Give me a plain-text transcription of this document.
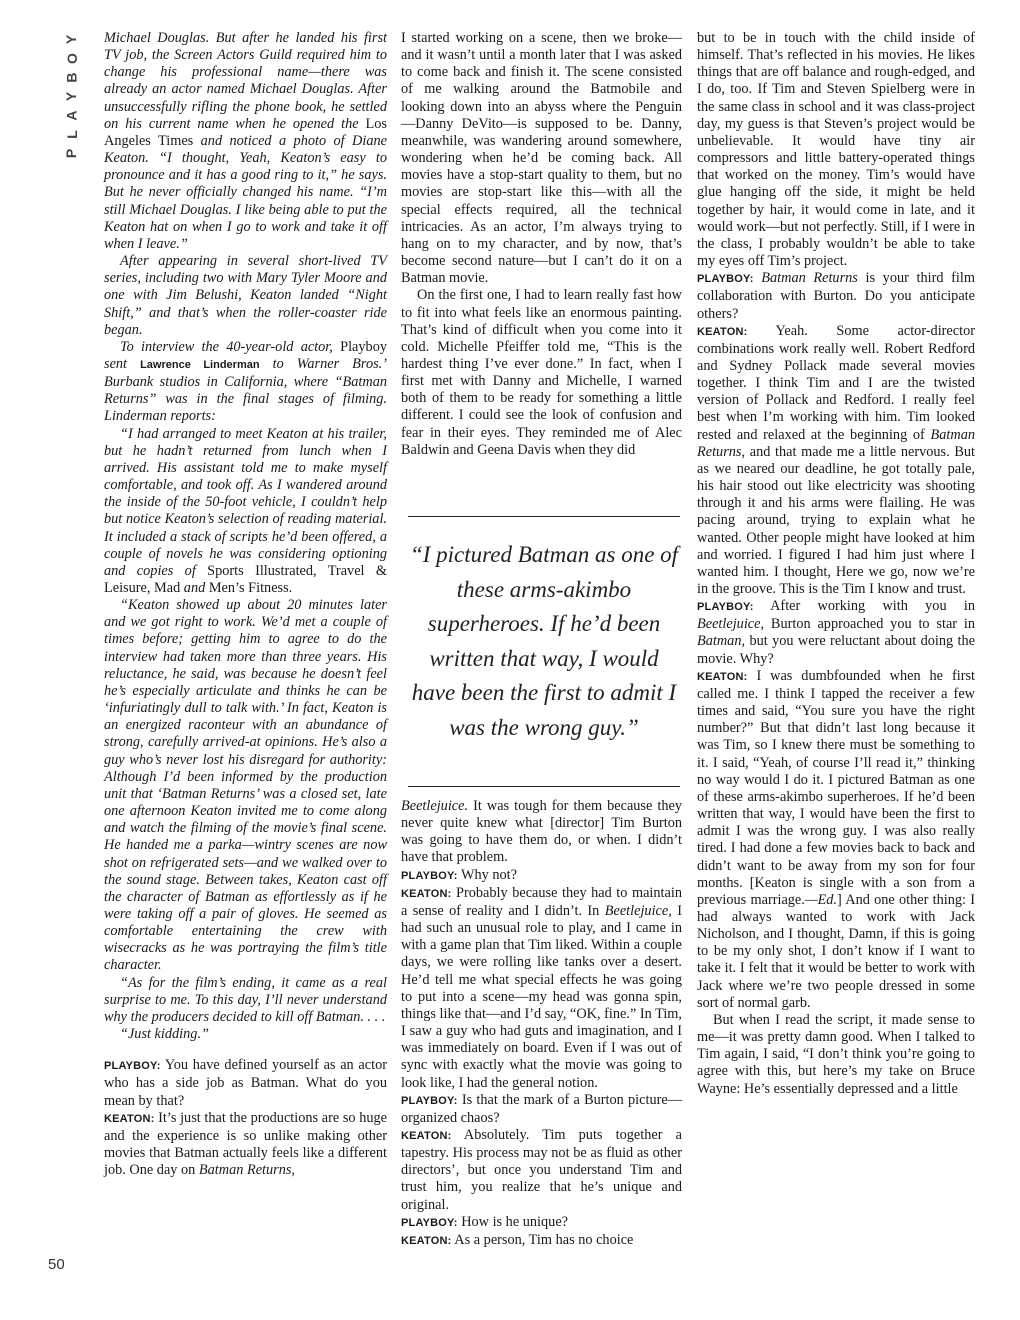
Y
O
B
Y
A
L
P
50

Michael Douglas. But after he landed his first TV job, the Screen Actors Guild required him to change his professional name—there was already an actor named Michael Douglas. After unsuccessfully rifling the phone book, he settled on his current name when he opened the Los Angeles Times and noticed a photo of Diane Keaton. “I thought, Yeah, Keaton’s easy to pronounce and it has a good ring to it,” he says. But he never officially changed his name. “I’m still Michael Douglas. I like being able to put the Keaton hat on when I go to work and take it off when I leave.”

After appearing in several short-lived TV series, including two with Mary Tyler Moore and one with Jim Belushi, Keaton landed “Night Shift,” and that’s when the roller-coaster ride began.

To interview the 40-year-old actor, Playboy sent Lawrence Linderman to Warner Bros.’ Burbank studios in California, where “Batman Returns” was in the final stages of filming. Linderman reports:

“I had arranged to meet Keaton at his trailer, but he hadn’t returned from lunch when I arrived. His assistant told me to make myself comfortable, and took off. As I wandered around the inside of the 50-foot vehicle, I couldn’t help but notice Keaton’s selection of reading material. It included a stack of scripts he’d been offered, a couple of novels he was considering optioning and copies of Sports Illustrated, Travel & Leisure, Mad and Men’s Fitness.

“Keaton showed up about 20 minutes later and we got right to work. We’d met a couple of times before; getting him to agree to do the interview had taken more than three years. His reluctance, he said, was because he doesn’t feel he’s especially articulate and thinks he can be ‘infuriatingly dull to talk with.’ In fact, Keaton is an energized raconteur with an abundance of strong, carefully arrived-at opinions. He’s also a guy who’s never lost his disregard for authority: Although I’d been informed by the production unit that ‘Batman Returns’ was a closed set, late one afternoon Keaton invited me to come along and watch the filming of the movie’s final scene. He handed me a parka—wintry scenes are now shot on refrigerated sets—and we walked over to the sound stage. Between takes, Keaton cast off the character of Batman as effortlessly as if he were taking off a pair of gloves. He seemed as comfortable entertaining the crew with wisecracks as he was portraying the film’s title character.

“As for the film’s ending, it came as a real surprise to me. To this day, I’ll never understand why the producers decided to kill off Batman. . . .

“Just kidding.”

PLAYBOY: You have defined yourself as an actor who has a side job as Batman. What do you mean by that?

KEATON: It’s just that the productions are so huge and the experience is so unlike making other movies that Batman actually feels like a different job. One day on Batman Returns,

I started working on a scene, then we broke—and it wasn’t until a month later that I was asked to come back and finish it. The scene consisted of me walking around the Batmobile and looking down into an abyss where the Penguin—Danny DeVito—is supposed to be. Danny, meanwhile, was wandering around somewhere, wondering when he’d be coming back. All movies have a stop-start quality to them, but no movies are stop-start like this—with all the special effects required, all the technical intricacies. As an actor, I’m always trying to hang on to my character, and by now, that’s become second nature—but I can’t do it on a Batman movie.

On the first one, I had to learn really fast how to fit into what feels like an enormous painting. That’s kind of difficult when you come into it cold. Michelle Pfeiffer told me, “This is the hardest thing I’ve ever done.” In fact, when I first met with Danny and Michelle, I warned both of them to be ready for something a little different. I could see the look of confusion and fear in their eyes. They reminded me of Alec Baldwin and Geena Davis when they did

“I pictured Batman as one of these arms-akimbo superheroes. If he’d been written that way, I would have been the first to admit I was the wrong guy.”

Beetlejuice. It was tough for them because they never quite knew what [director] Tim Burton was going to have them do, or when. I didn’t have that problem.

PLAYBOY: Why not?

KEATON: Probably because they had to maintain a sense of reality and I didn’t. In Beetlejuice, I had such an unusual role to play, and I came in with a game plan that Tim liked. Within a couple days, we were rolling like tanks over a desert. He’d tell me what special effects he was going to put into a scene—my head was gonna spin, things like that—and I’d say, “OK, fine.” In Tim, I saw a guy who had guts and imagination, and I was immediately on board. Even if I was out of sync with exactly what the movie was going to look like, I had the general notion.

PLAYBOY: Is that the mark of a Burton picture—organized chaos?

KEATON: Absolutely. Tim puts together a tapestry. His process may not be as fluid as other directors’, but once you understand Tim and trust him, you realize that he’s unique and original.

PLAYBOY: How is he unique?

KEATON: As a person, Tim has no choice

but to be in touch with the child inside of himself. That’s reflected in his movies. He likes things that are off balance and rough-edged, and I do, too. If Tim and Steven Spielberg were in the same class in school and it was class-project day, my guess is that Steven’s project would be unbelievable. It would have tiny air compressors and little battery-operated things that worked on the money. Tim’s would have glue hanging off the side, it might be held together by hair, it would come in late, and it would work—but not perfectly. Still, if I were in the class, I probably wouldn’t be able to take my eyes off Tim’s project.

PLAYBOY: Batman Returns is your third film collaboration with Burton. Do you anticipate others?

KEATON: Yeah. Some actor-director combinations work really well. Robert Redford and Sydney Pollack made several movies together. I think Tim and I are the twisted version of Pollack and Redford. I really feel best when I’m working with him. Tim looked rested and relaxed at the beginning of Batman Returns, and that made me a little nervous. But as we neared our deadline, he got totally pale, his hair stood out like electricity was shooting through it and his arms were flailing. He was pacing around, trying to explain what he wanted. Other people might have looked at him and worried. I figured I had him just where I wanted him. I thought, Here we go, now we’re in the groove. This is the Tim I know and trust.

PLAYBOY: After working with you in Beetlejuice, Burton approached you to star in Batman, but you were reluctant about doing the movie. Why?

KEATON: I was dumbfounded when he first called me. I think I tapped the receiver a few times and said, “You sure you have the right number?” But that didn’t last long because it was Tim, so I knew there must be something to it. I said, “Yeah, of course I’ll read it,” thinking no way would I do it. I pictured Batman as one of these arms-akimbo superheroes. If he’d been written that way, I would have been the first to admit I was the wrong guy. I was also really tired. I had done a few movies back to back and didn’t want to be away from my son for four months. [Keaton is single with a son from a previous marriage.—Ed.] And one other thing: I had always wanted to work with Jack Nicholson, and I thought, Damn, if this is going to be my only shot, I don’t know if I want to take it. I felt that it would be better to work with Jack where we’re two people dressed in some sort of normal garb.

But when I read the script, it made sense to me—it was pretty damn good. When I talked to Tim again, I said, “I don’t think you’re going to agree with this, but here’s my take on Bruce Wayne: He’s essentially depressed and a little
